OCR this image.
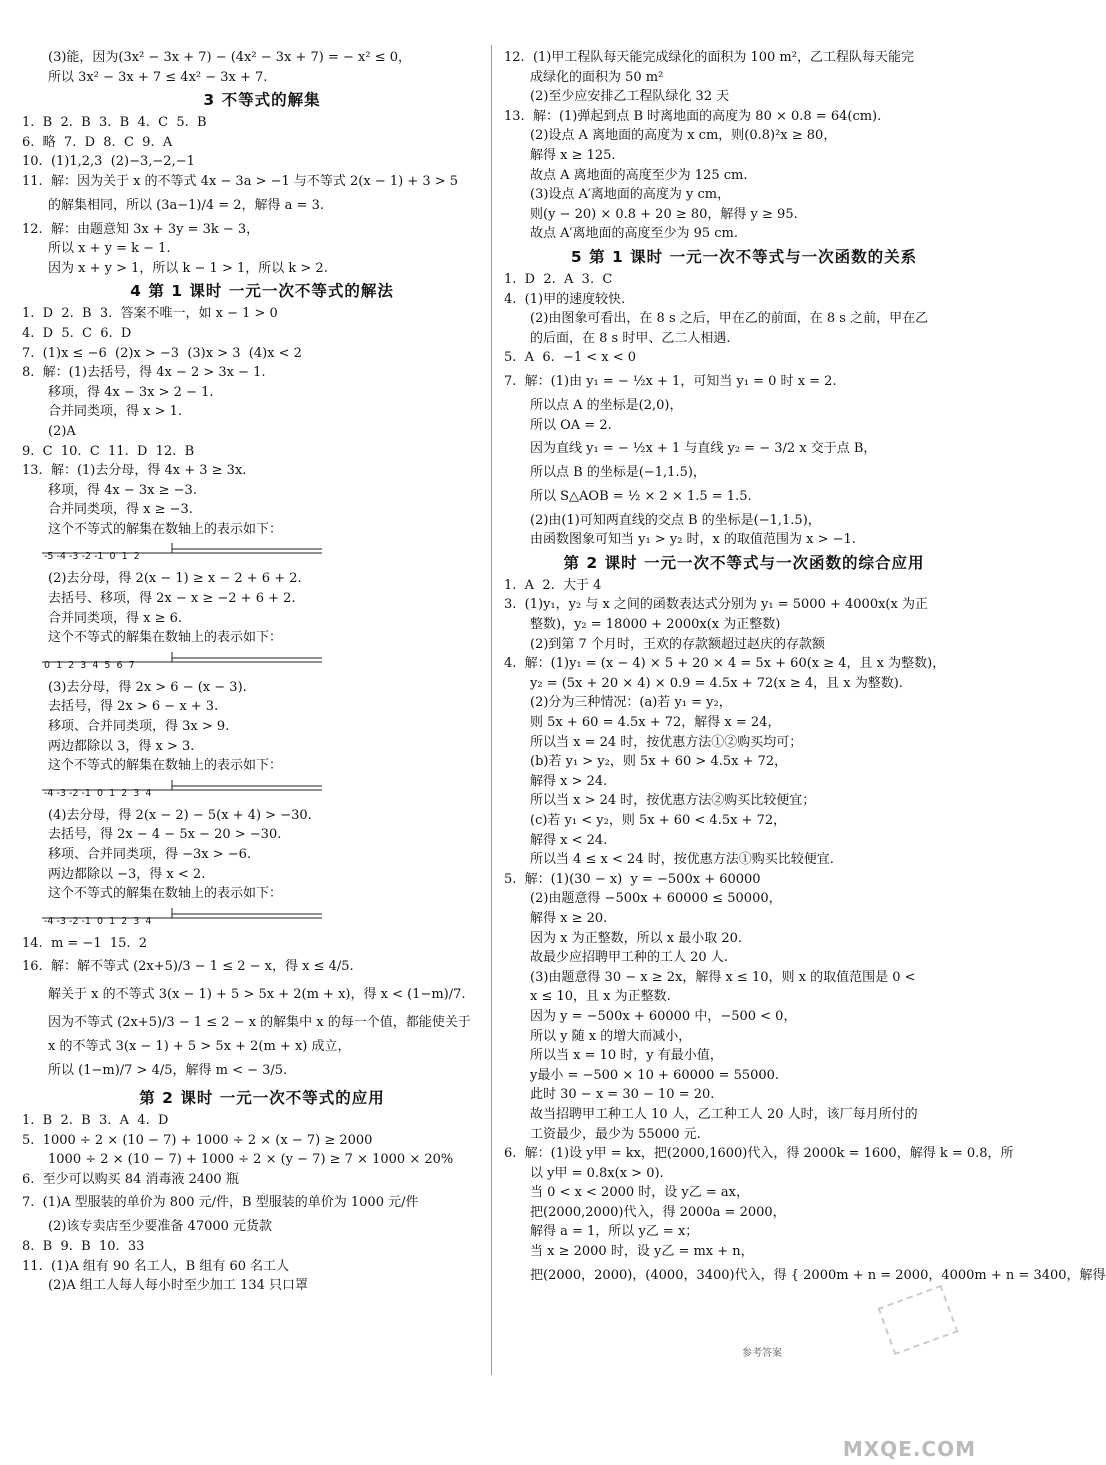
(3)能，因为(3x² − 3x + 7) − (4x² − 3x + 7) = − x² ≤ 0，
所以 3x² − 3x + 7 ≤ 4x² − 3x + 7.
3 不等式的解集
1.  B  2.  B  3.  B  4.  C  5.  B
6.  略  7.  D  8.  C  9.  A
10.  (1)1,2,3  (2)−3,−2,−1
11.  解：因为关于 x 的不等式 4x − 3a > −1 与不等式 2(x − 1) + 3 > 5
的解集相同，所以 (3a−1)/4 = 2，解得 a = 3.
12.  解：由题意知 3x + 3y = 3k − 3，
所以 x + y = k − 1.
因为 x + y > 1，所以 k − 1 > 1，所以 k > 2.
4 第 1 课时 一元一次不等式的解法
1.  D  2.  B  3.  答案不唯一，如 x − 1 > 0
4.  D  5.  C  6.  D
7.  (1)x ≤ −6  (2)x > −3  (3)x > 3  (4)x < 2
8.  解：(1)去括号，得 4x − 2 > 3x − 1.
移项，得 4x − 3x > 2 − 1.
合并同类项，得 x > 1.
(2)A
9.  C  10.  C  11.  D  12.  B
13.  解：(1)去分母，得 4x + 3 ≥ 3x.
移项，得 4x − 3x ≥ −3.
合并同类项，得 x ≥ −3.
这个不等式的解集在数轴上的表示如下：
-5 -4 -3 -2 -1  0  1  2
(2)去分母，得 2(x − 1) ≥ x − 2 + 6 + 2.
去括号、移项，得 2x − x ≥ −2 + 6 + 2.
合并同类项，得 x ≥ 6.
这个不等式的解集在数轴上的表示如下：
0  1  2  3  4  5  6  7
(3)去分母，得 2x > 6 − (x − 3).
去括号，得 2x > 6 − x + 3.
移项、合并同类项，得 3x > 9.
两边都除以 3，得 x > 3.
这个不等式的解集在数轴上的表示如下：
-4 -3 -2 -1  0  1  2  3  4
(4)去分母，得 2(x − 2) − 5(x + 4) > −30.
去括号，得 2x − 4 − 5x − 20 > −30.
移项、合并同类项，得 −3x > −6.
两边都除以 −3，得 x < 2.
这个不等式的解集在数轴上的表示如下：
-4 -3 -2 -1  0  1  2  3  4
14.  m = −1  15.  2
16.  解：解不等式 (2x+5)/3 − 1 ≤ 2 − x，得 x ≤ 4/5.
解关于 x 的不等式 3(x − 1) + 5 > 5x + 2(m + x)，得 x < (1−m)/7.
因为不等式 (2x+5)/3 − 1 ≤ 2 − x 的解集中 x 的每一个值，都能使关于
x 的不等式 3(x − 1) + 5 > 5x + 2(m + x) 成立，
所以 (1−m)/7 > 4/5，解得 m < − 3/5.
第 2 课时 一元一次不等式的应用
1.  B  2.  B  3.  A  4.  D
5.  1000 ÷ 2 × (10 − 7) + 1000 ÷ 2 × (x − 7) ≥ 2000
1000 ÷ 2 × (10 − 7) + 1000 ÷ 2 × (y − 7) ≥ 7 × 1000 × 20%
6.  至少可以购买 84 消毒液 2400 瓶
7.  (1)A 型服装的单价为 800 元/件，B 型服装的单价为 1000 元/件
(2)该专卖店至少要准备 47000 元货款
8.  B  9.  B  10.  33
11.  (1)A 组有 90 名工人，B 组有 60 名工人
(2)A 组工人每人每小时至少加工 134 只口罩
12.  (1)甲工程队每天能完成绿化的面积为 100 m²，乙工程队每天能完
成绿化的面积为 50 m²
(2)至少应安排乙工程队绿化 32 天
13.  解：(1)弹起到点 B 时离地面的高度为 80 × 0.8 = 64(cm).
(2)设点 A 离地面的高度为 x cm，则(0.8)²x ≥ 80，
解得 x ≥ 125.
故点 A 离地面的高度至少为 125 cm.
(3)设点 A′离地面的高度为 y cm，
则(y − 20) × 0.8 + 20 ≥ 80，解得 y ≥ 95.
故点 A′离地面的高度至少为 95 cm.
5 第 1 课时 一元一次不等式与一次函数的关系
1.  D  2.  A  3.  C
4.  (1)甲的速度较快.
(2)由图象可看出，在 8 s 之后，甲在乙的前面，在 8 s 之前，甲在乙
的后面，在 8 s 时甲、乙二人相遇.
5.  A  6.  −1 < x < 0
7.  解：(1)由 y₁ = − ½x + 1，可知当 y₁ = 0 时 x = 2.
所以点 A 的坐标是(2,0)，
所以 OA = 2.
因为直线 y₁ = − ½x + 1 与直线 y₂ = − 3/2 x 交于点 B，
所以点 B 的坐标是(−1,1.5)，
所以 S△AOB = ½ × 2 × 1.5 = 1.5.
(2)由(1)可知两直线的交点 B 的坐标是(−1,1.5)，
由函数图象可知当 y₁ > y₂ 时，x 的取值范围为 x > −1.
第 2 课时 一元一次不等式与一次函数的综合应用
1.  A  2.  大于 4
3.  (1)y₁，y₂ 与 x 之间的函数表达式分别为 y₁ = 5000 + 4000x(x 为正
整数)，y₂ = 18000 + 2000x(x 为正整数)
(2)到第 7 个月时，王欢的存款额超过赵庆的存款额
4.  解：(1)y₁ = (x − 4) × 5 + 20 × 4 = 5x + 60(x ≥ 4，且 x 为整数)，
y₂ = (5x + 20 × 4) × 0.9 = 4.5x + 72(x ≥ 4，且 x 为整数).
(2)分为三种情况：(a)若 y₁ = y₂，
则 5x + 60 = 4.5x + 72，解得 x = 24，
所以当 x = 24 时，按优惠方法①②购买均可；
(b)若 y₁ > y₂，则 5x + 60 > 4.5x + 72，
解得 x > 24.
所以当 x > 24 时，按优惠方法②购买比较便宜；
(c)若 y₁ < y₂，则 5x + 60 < 4.5x + 72，
解得 x < 24.
所以当 4 ≤ x < 24 时，按优惠方法①购买比较便宜.
5.  解：(1)(30 − x)  y = −500x + 60000
(2)由题意得 −500x + 60000 ≤ 50000，
解得 x ≥ 20.
因为 x 为正整数，所以 x 最小取 20.
故最少应招聘甲工种的工人 20 人.
(3)由题意得 30 − x ≥ 2x，解得 x ≤ 10，则 x 的取值范围是 0 <
x ≤ 10，且 x 为正整数.
因为 y = −500x + 60000 中，−500 < 0，
所以 y 随 x 的增大而减小，
所以当 x = 10 时，y 有最小值，
y最小 = −500 × 10 + 60000 = 55000.
此时 30 − x = 30 − 10 = 20.
故当招聘甲工种工人 10 人，乙工种工人 20 人时，该厂每月所付的
工资最少，最少为 55000 元.
6.  解：(1)设 y甲 = kx，把(2000,1600)代入，得 2000k = 1600，解得 k = 0.8，所
以 y甲 = 0.8x(x > 0).
当 0 < x < 2000 时，设 y乙 = ax，
把(2000,2000)代入，得 2000a = 2000，
解得 a = 1，所以 y乙 = x；
当 x ≥ 2000 时，设 y乙 = mx + n，
把(2000，2000)，(4000，3400)代入，得 { 2000m + n = 2000，4000m + n = 3400，解得
参考答案
MXQE.COM
